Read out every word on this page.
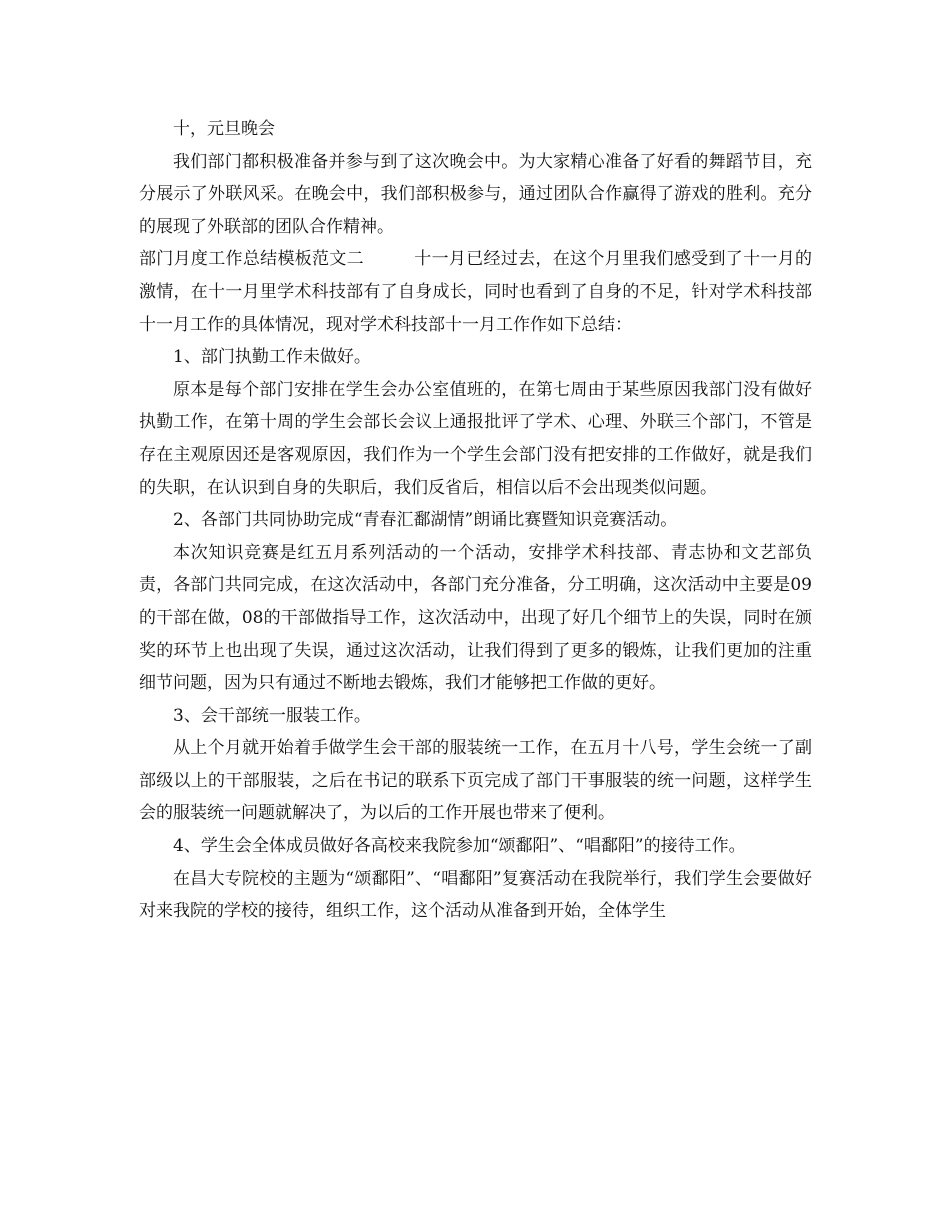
十，元旦晚会

我们部门都积极准备并参与到了这次晚会中。为大家精心准备了好看的舞蹈节目，充分展示了外联风采。在晚会中，我们部积极参与，通过团队合作赢得了游戏的胜利。充分的展现了外联部的团队合作精神。

部门月度工作总结模板范文二	十一月已经过去，在这个月里我们感受到了十一月的激情，在十一月里学术科技部有了自身成长，同时也看到了自身的不足，针对学术科技部十一月工作的具体情况，现对学术科技部十一月工作作如下总结：

1、部门执勤工作未做好。

原本是每个部门安排在学生会办公室值班的，在第七周由于某些原因我部门没有做好执勤工作，在第十周的学生会部长会议上通报批评了学术、心理、外联三个部门，不管是存在主观原因还是客观原因，我们作为一个学生会部门没有把安排的工作做好，就是我们的失职，在认识到自身的失职后，我们反省后，相信以后不会出现类似问题。

2、各部门共同协助完成“青春汇鄱湖情”朗诵比赛暨知识竞赛活动。

本次知识竞赛是红五月系列活动的一个活动，安排学术科技部、青志协和文艺部负责，各部门共同完成，在这次活动中，各部门充分准备，分工明确，这次活动中主要是09的干部在做，08的干部做指导工作，这次活动中，出现了好几个细节上的失误，同时在颁奖的环节上也出现了失误，通过这次活动，让我们得到了更多的锻炼，让我们更加的注重细节问题，因为只有通过不断地去锻炼，我们才能够把工作做的更好。

3、会干部统一服装工作。

从上个月就开始着手做学生会干部的服装统一工作，在五月十八号，学生会统一了副部级以上的干部服装，之后在书记的联系下页完成了部门干事服装的统一问题，这样学生会的服装统一问题就解决了，为以后的工作开展也带来了便利。

4、学生会全体成员做好各高校来我院参加“颂鄱阳”、“唱鄱阳”的接待工作。

在昌大专院校的主题为“颂鄱阳”、“唱鄱阳”复赛活动在我院举行，我们学生会要做好对来我院的学校的接待，组织工作，这个活动从准备到开始，全体学生
